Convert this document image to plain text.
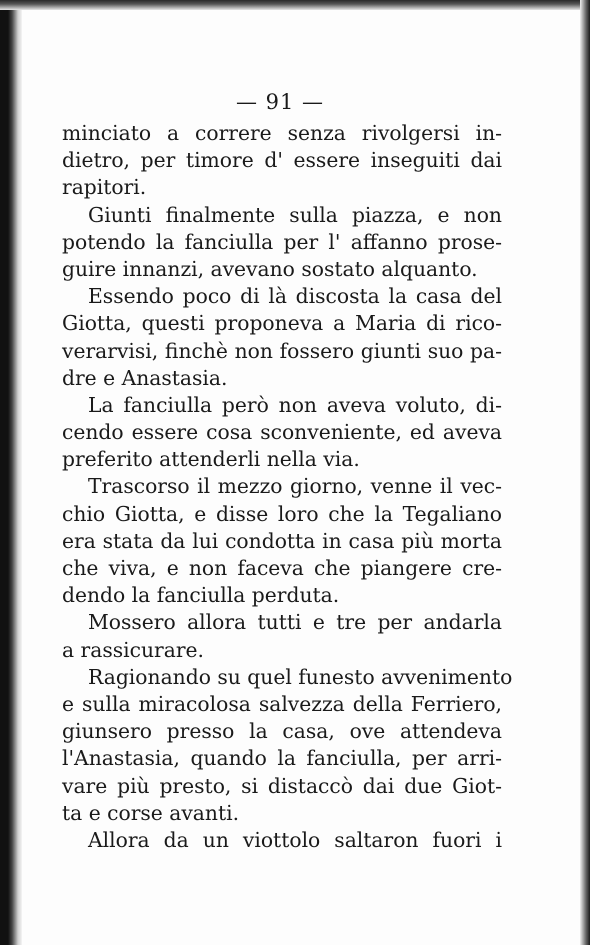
— 91 —
minciato a correre senza rivolgersi in-
dietro, per timore d' essere inseguiti dai
rapitori.
Giunti finalmente sulla piazza, e non
potendo la fanciulla per l' affanno prose-
guire innanzi, avevano sostato alquanto.
Essendo poco di là discosta la casa del
Giotta, questi proponeva a Maria di rico-
verarvisi, finchè non fossero giunti suo pa-
dre e Anastasia.
La fanciulla però non aveva voluto, di-
cendo essere cosa sconveniente, ed aveva
preferito attenderli nella via.
Trascorso il mezzo giorno, venne il vec-
chio Giotta, e disse loro che la Tegaliano
era stata da lui condotta in casa più morta
che viva, e non faceva che piangere cre-
dendo la fanciulla perduta.
Mossero allora tutti e tre per andarla
a rassicurare.
Ragionando su quel funesto avvenimento
e sulla miracolosa salvezza della Ferriero,
giunsero presso la casa, ove attendeva
l'Anastasia, quando la fanciulla, per arri-
vare più presto, si distaccò dai due Giot-
ta e corse avanti.
Allora da un viottolo saltaron fuori i
